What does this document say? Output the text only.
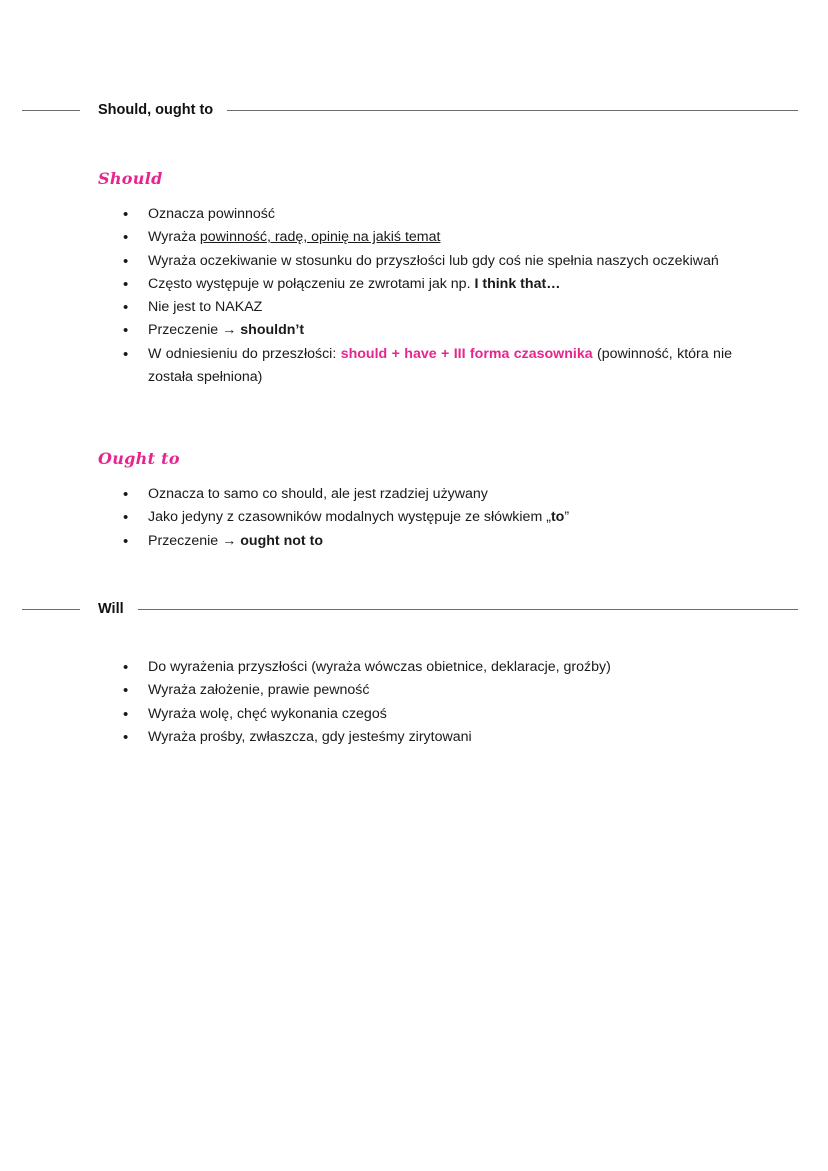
Should, ought to
Should
• Oznacza powinność
• Wyraża powinność, radę, opinię na jakiś temat
• Wyraża oczekiwanie w stosunku do przyszłości lub gdy coś nie spełnia naszych oczekiwań
• Często występuje w połączeniu ze zwrotami jak np. I think that…
• Nie jest to NAKAZ
• Przeczenie → shouldn’t
• W odniesieniu do przeszłości: should + have + III forma czasownika (powinność, która nie została spełniona)
Ought to
• Oznacza to samo co should, ale jest rzadziej używany
• Jako jedyny z czasowników modalnych występuje ze słówkiem „to”
• Przeczenie → ought not to
Will
• Do wyrażenia przyszłości (wyraża wówczas obietnice, deklaracje, groźby)
• Wyraża założenie, prawie pewność
• Wyraża wolę, chęć wykonania czegoś
• Wyraża prośby, zwłaszcza, gdy jesteśmy zirytowani
